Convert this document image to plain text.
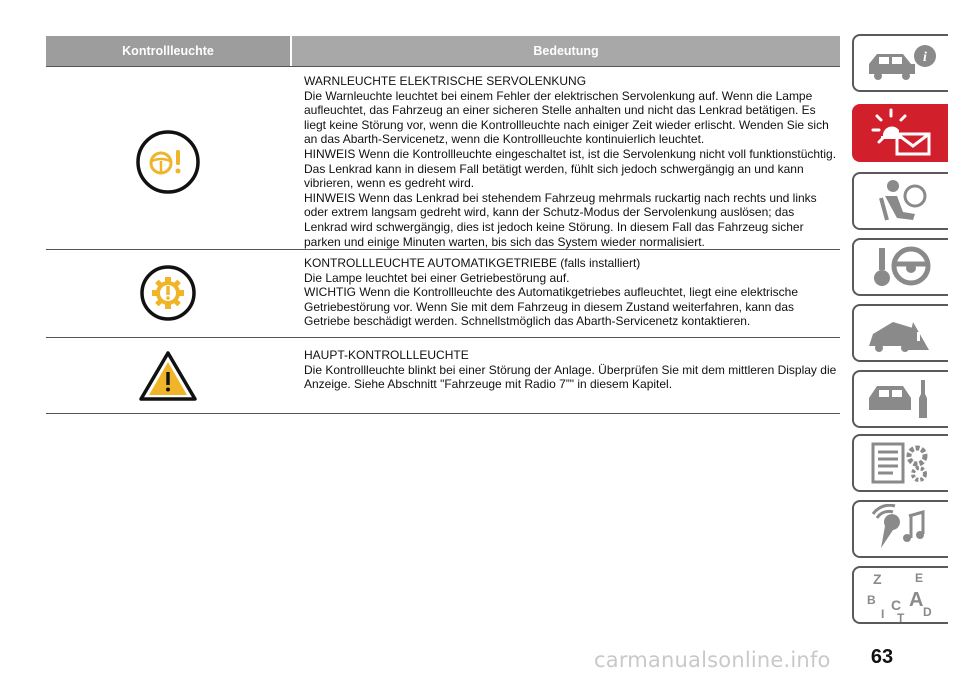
Kontrollleuchte	Bedeutung

WARNLEUCHTE ELEKTRISCHE SERVOLENKUNG

Die Warnleuchte leuchtet bei einem Fehler der elektrischen Servolenkung auf. Wenn die Lampe aufleuchtet, das Fahrzeug an einer sicheren Stelle anhalten und nicht das Lenkrad betätigen. Es liegt keine Störung vor, wenn die Kontrollleuchte nach einiger Zeit wieder erlischt. Wenden Sie sich an das Abarth-Servicenetz, wenn die Kontrollleuchte kontinuierlich leuchtet.

HINWEIS Wenn die Kontrollleuchte eingeschaltet ist, ist die Servolenkung nicht voll funktionstüchtig. Das Lenkrad kann in diesem Fall betätigt werden, fühlt sich jedoch schwergängig an und kann vibrieren, wenn es gedreht wird.

HINWEIS Wenn das Lenkrad bei stehendem Fahrzeug mehrmals ruckartig nach rechts und links oder extrem langsam gedreht wird, kann der Schutz-Modus der Servolenkung auslösen; das Lenkrad wird schwergängig, dies ist jedoch keine Störung. In diesem Fall das Fahrzeug sicher parken und einige Minuten warten, bis sich das System wieder normalisiert.

KONTROLLLEUCHTE AUTOMATIKGETRIEBE (falls installiert)

Die Lampe leuchtet bei einer Getriebestörung auf.

WICHTIG Wenn die Kontrollleuchte des Automatikgetriebes aufleuchtet, liegt eine elektrische Getriebestörung vor. Wenn Sie mit dem Fahrzeug in diesem Zustand weiterfahren, kann das Getriebe beschädigt werden. Schnellstmöglich das Abarth-Servicenetz kontaktieren.

HAUPT-KONTROLLLEUCHTE

Die Kontrollleuchte blinkt bei einer Störung der Anlage. Überprüfen Sie mit dem mittleren Display die Anzeige. Siehe Abschnitt "Fahrzeuge mit Radio 7”" in diesem Kapitel.

i
Z	E
B A
C
I T D
63
carmanualsonline.info
